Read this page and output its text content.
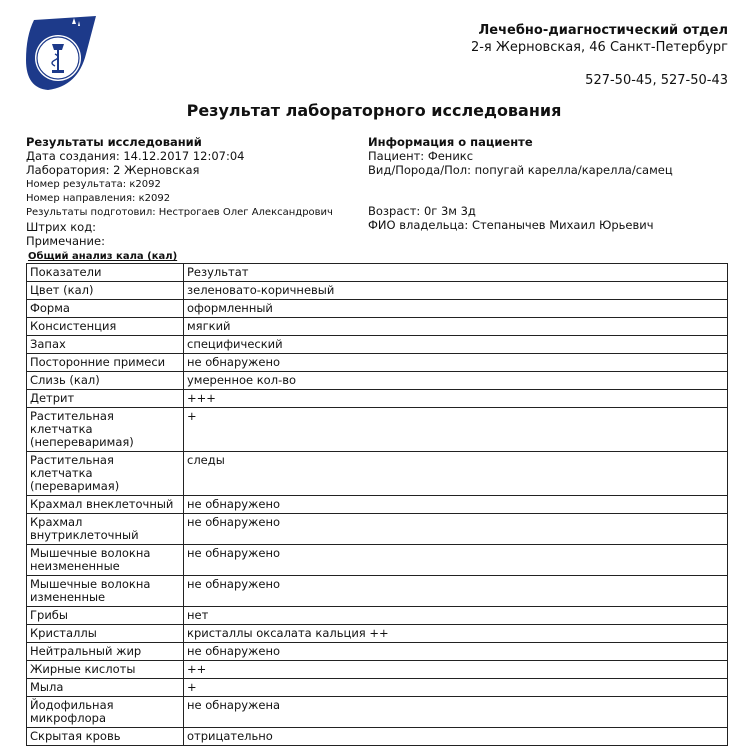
Лечебно-диагностический отдел
2-я Жерновская, 46 Санкт-Петербург
527-50-45, 527-50-43
Результат лабораторного исследования
Результаты исследований
Дата создания: 14.12.2017 12:07:04
Лаборатория: 2 Жерновская
Номер результата: к2092
Номер направления: к2092
Результаты подготовил: Нестрогаев Олег Александрович
Штрих код:
Примечание:
Информация о пациенте
Пациент: Феникс
Вид/Порода/Пол: попугай карелла/карелла/самец
Возраст: 0г 3м 3д
ФИО владельца: Степанычев Михаил Юрьевич
Общий анализ кала (кал)
Показатели	Результат
Цвет (кал)	зеленовато-коричневый
Форма	оформленный
Консистенция	мягкий
Запах	специфический
Посторонние примеси	не обнаружено
Слизь (кал)	умеренное кол-во
Детрит	+++
Растительная клетчатка (непереваримая)	+
Растительная клетчатка (переваримая)	следы
Крахмал внеклеточный	не обнаружено
Крахмал внутриклеточный	не обнаружено
Мышечные волокна неизмененные	не обнаружено
Мышечные волокна измененные	не обнаружено
Грибы	нет
Кристаллы	кристаллы оксалата кальция ++
Нейтральный жир	не обнаружено
Жирные кислоты	++
Мыла	+
Йодофильная микрофлора	не обнаружена
Скрытая кровь	отрицательно
